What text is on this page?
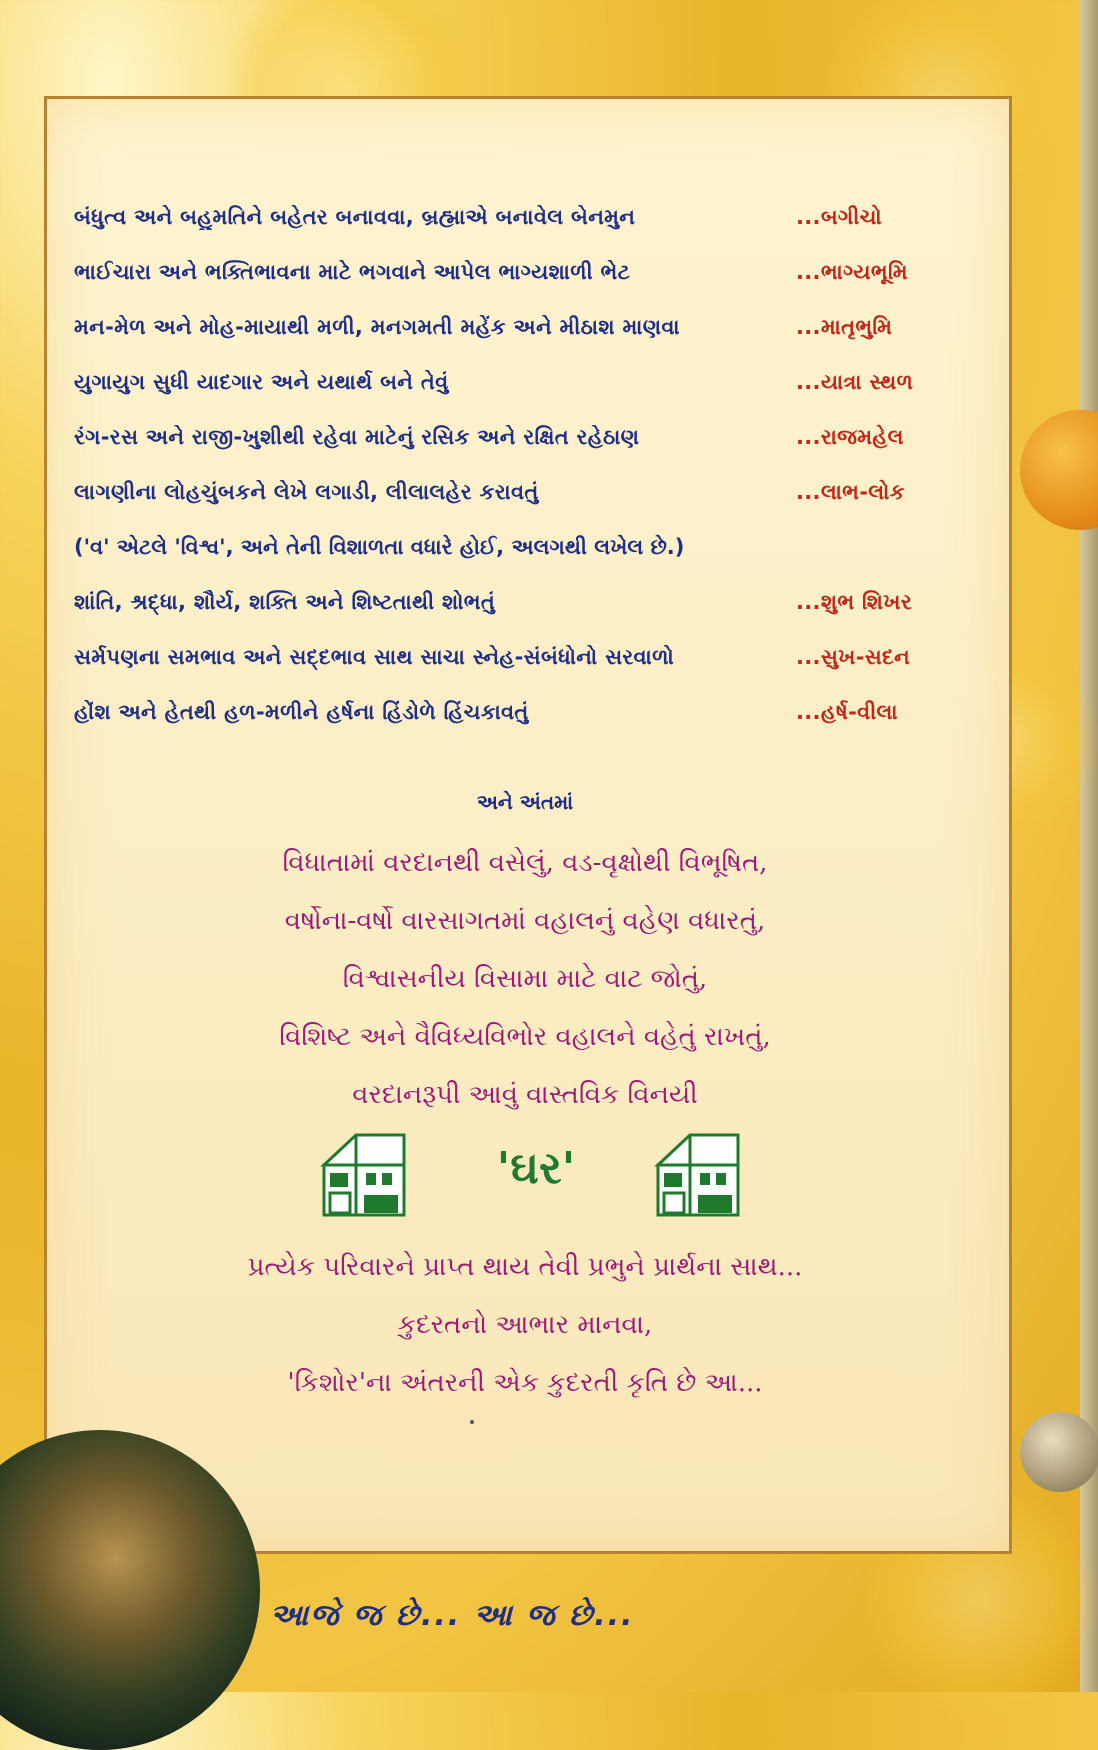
બંધુત્વ અને બહુમતિને બહેતર બનાવવા, બ્રહ્માએ બનાવેલ બેનમુન	...બગીચો
ભાઈચારા અને ભક્તિભાવના માટે ભગવાને આપેલ ભાગ્યશાળી ભેટ	...ભાગ્યભૂમિ
મન-મેળ અને મોહ-માયાથી મળી, મનગમતી મહેંક અને મીઠાશ માણવા	...માતૃભુમિ
યુગાયુગ સુધી યાદગાર અને યથાર્થ બને તેવું	...યાત્રા સ્થળ
રંગ-રસ અને રાજી-ખુશીથી રહેવા માટેનું રસિક અને રક્ષિત રહેઠાણ	...રાજમહેલ
લાગણીના લોહચુંબકને લેખે લગાડી, લીલાલહેર કરાવતું	...લાભ-લોક
('વ' એટલે 'વિશ્વ', અને તેની વિશાળતા વધારે હોઈ, અલગથી લખેલ છે.)
શાંતિ, શ્રદ્ધા, શૌર્ય, શક્તિ અને શિષ્ટતાથી શોભતું	...શુભ શિખર
સર્મપણના સમભાવ અને સદ્દભાવ સાથ સાચા સ્નેહ-સંબંધોનો સરવાળો	...સુખ-સદન
હોંશ અને હેતથી હળ-મળીને હર્ષના હિંડોળે હિંચકાવતું	...હર્ષ-વીલા
અને અંતમાં
વિધાતામાં વરદાનથી વસેલું, વડ-વૃક્ષોથી વિભૂષિત,
વર્ષોના-વર્ષો વારસાગતમાં વહાલનું વહેણ વધારતું,
વિશ્વાસનીય વિસામા માટે વાટ જોતું,
વિશિષ્ટ અને વૈવિધ્યવિભોર વહાલને વહેતું રાખતું,
વરદાનરૂપી આવું વાસ્તવિક વિનયી
'ઘર'
પ્રત્યેક પરિવારને પ્રાપ્ત થાય તેવી પ્રભુને પ્રાર્થના સાથ...
કુદરતનો આભાર માનવા,
'કિશોર'ના અંતરની એક કુદરતી કૃતિ છે આ...
આજે જ છે... આ જ છે...
